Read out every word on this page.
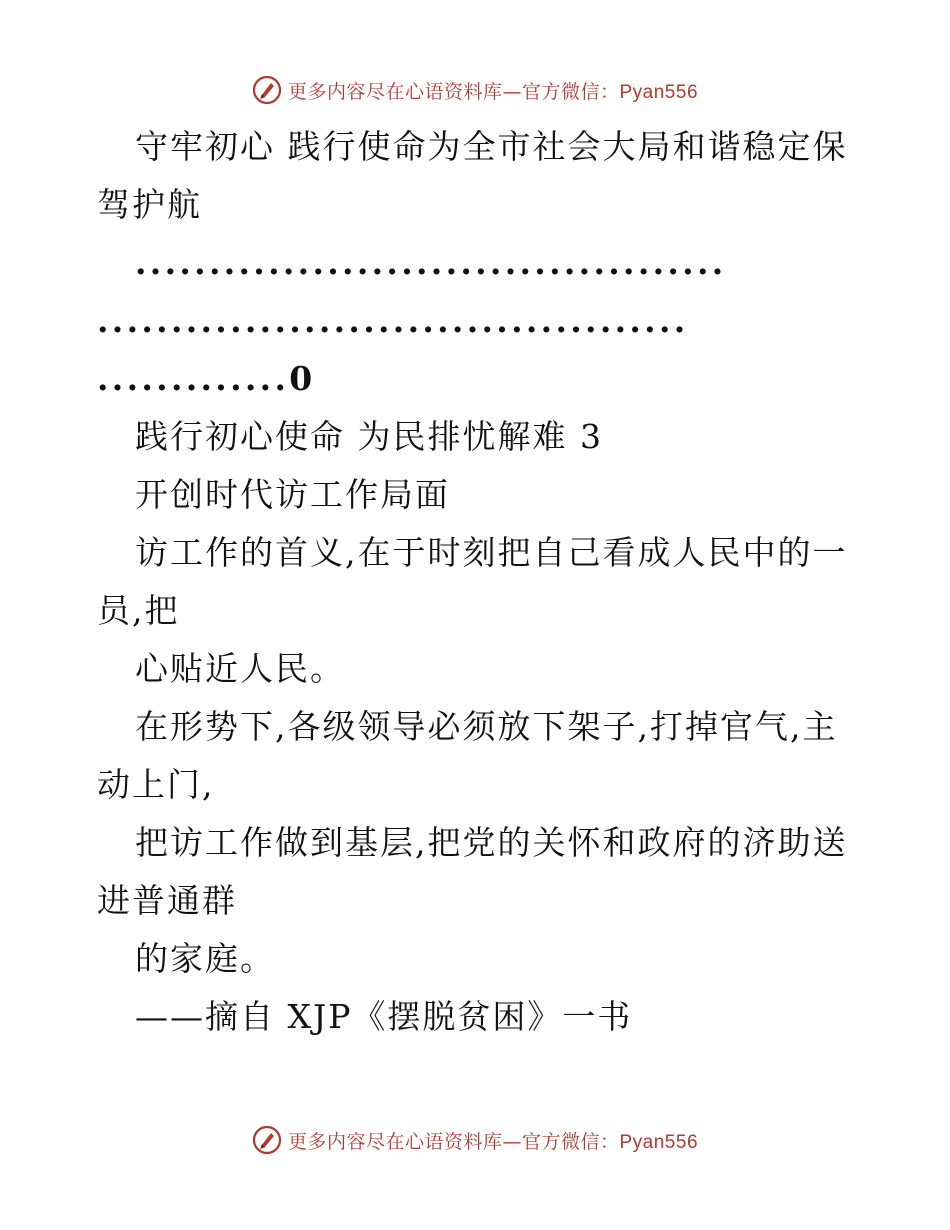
更多内容尽在心语资料库—官方微信：Pyan556
守牢初心 践行使命为全市社会大局和谐稳定保
驾护航
........................................
........................................
.............0
践行初心使命 为民排忧解难 3
开创时代访工作局面
访工作的首义,在于时刻把自己看成人民中的一
员,把
心贴近人民。
在形势下,各级领导必须放下架子,打掉官气,主
动上门,
把访工作做到基层,把党的关怀和政府的济助送
进普通群
的家庭。
——摘自 XJP《摆脱贫困》一书
更多内容尽在心语资料库—官方微信：Pyan556
